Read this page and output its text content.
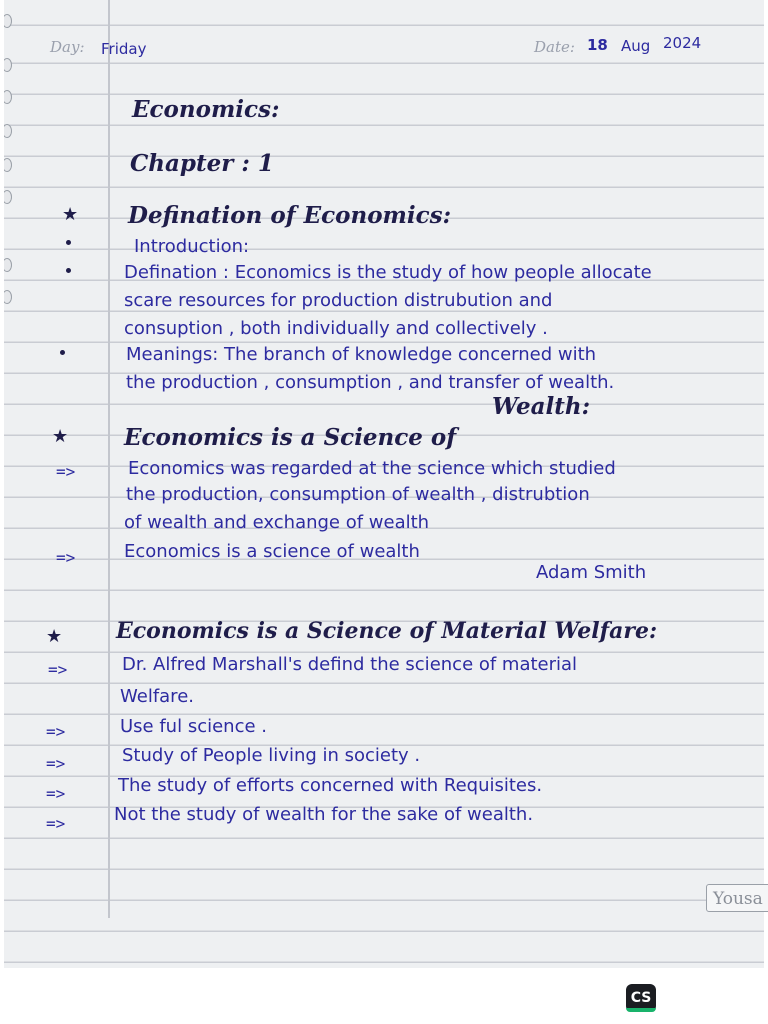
Day: Friday	Date: 18 Aug 2024
Economics:
Chapter : 1
★ Defination of Economics:
Introduction:
Defination : Economics is the study of how people allocate
scare resources for production distrubution and
consuption , both individually and collectively .
Meanings: The branch of knowledge concerned with
the production , consumption , and transfer of wealth.
Wealth:
★ Economics is a Science of
=>	Economics was regarded at the science which studied
the production, consumption of wealth , distrubtion
of wealth and exchange of wealth
=>	Economics is a science of wealth
Adam Smith
★ Economics is a Science of Material Welfare:
=>	Dr. Alfred Marshall's defind the science of material
Welfare.
=>	Use ful science .
=>	Study of People living in society .
=>	The study of efforts concerned with Requisites.
=>	Not the study of wealth for the sake of wealth.
Yousa
CS
